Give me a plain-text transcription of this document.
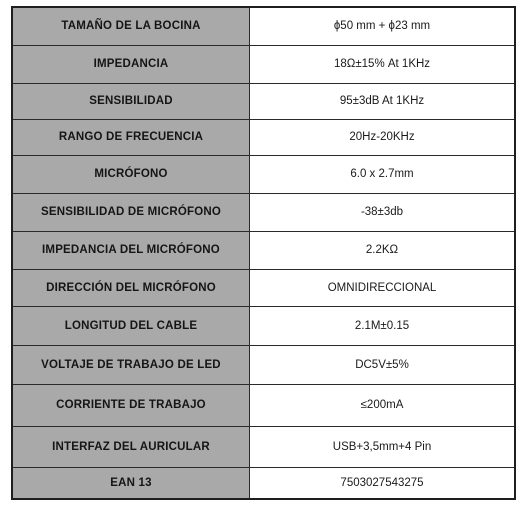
TAMAÑO DE LA BOCINA	ϕ50 mm + ϕ23 mm
IMPEDANCIA	18Ω±15% At 1KHz
SENSIBILIDAD	95±3dB At 1KHz
RANGO DE FRECUENCIA	20Hz-20KHz
MICRÓFONO	6.0 x 2.7mm
SENSIBILIDAD DE MICRÓFONO	-38±3db
IMPEDANCIA DEL MICRÓFONO	2.2KΩ
DIRECCIÓN DEL MICRÓFONO	OMNIDIRECCIONAL
LONGITUD DEL CABLE	2.1M±0.15
VOLTAJE DE TRABAJO DE LED	DC5V±5%
CORRIENTE DE TRABAJO	≤200mA
INTERFAZ DEL AURICULAR	USB+3,5mm+4 Pin
EAN 13	7503027543275
